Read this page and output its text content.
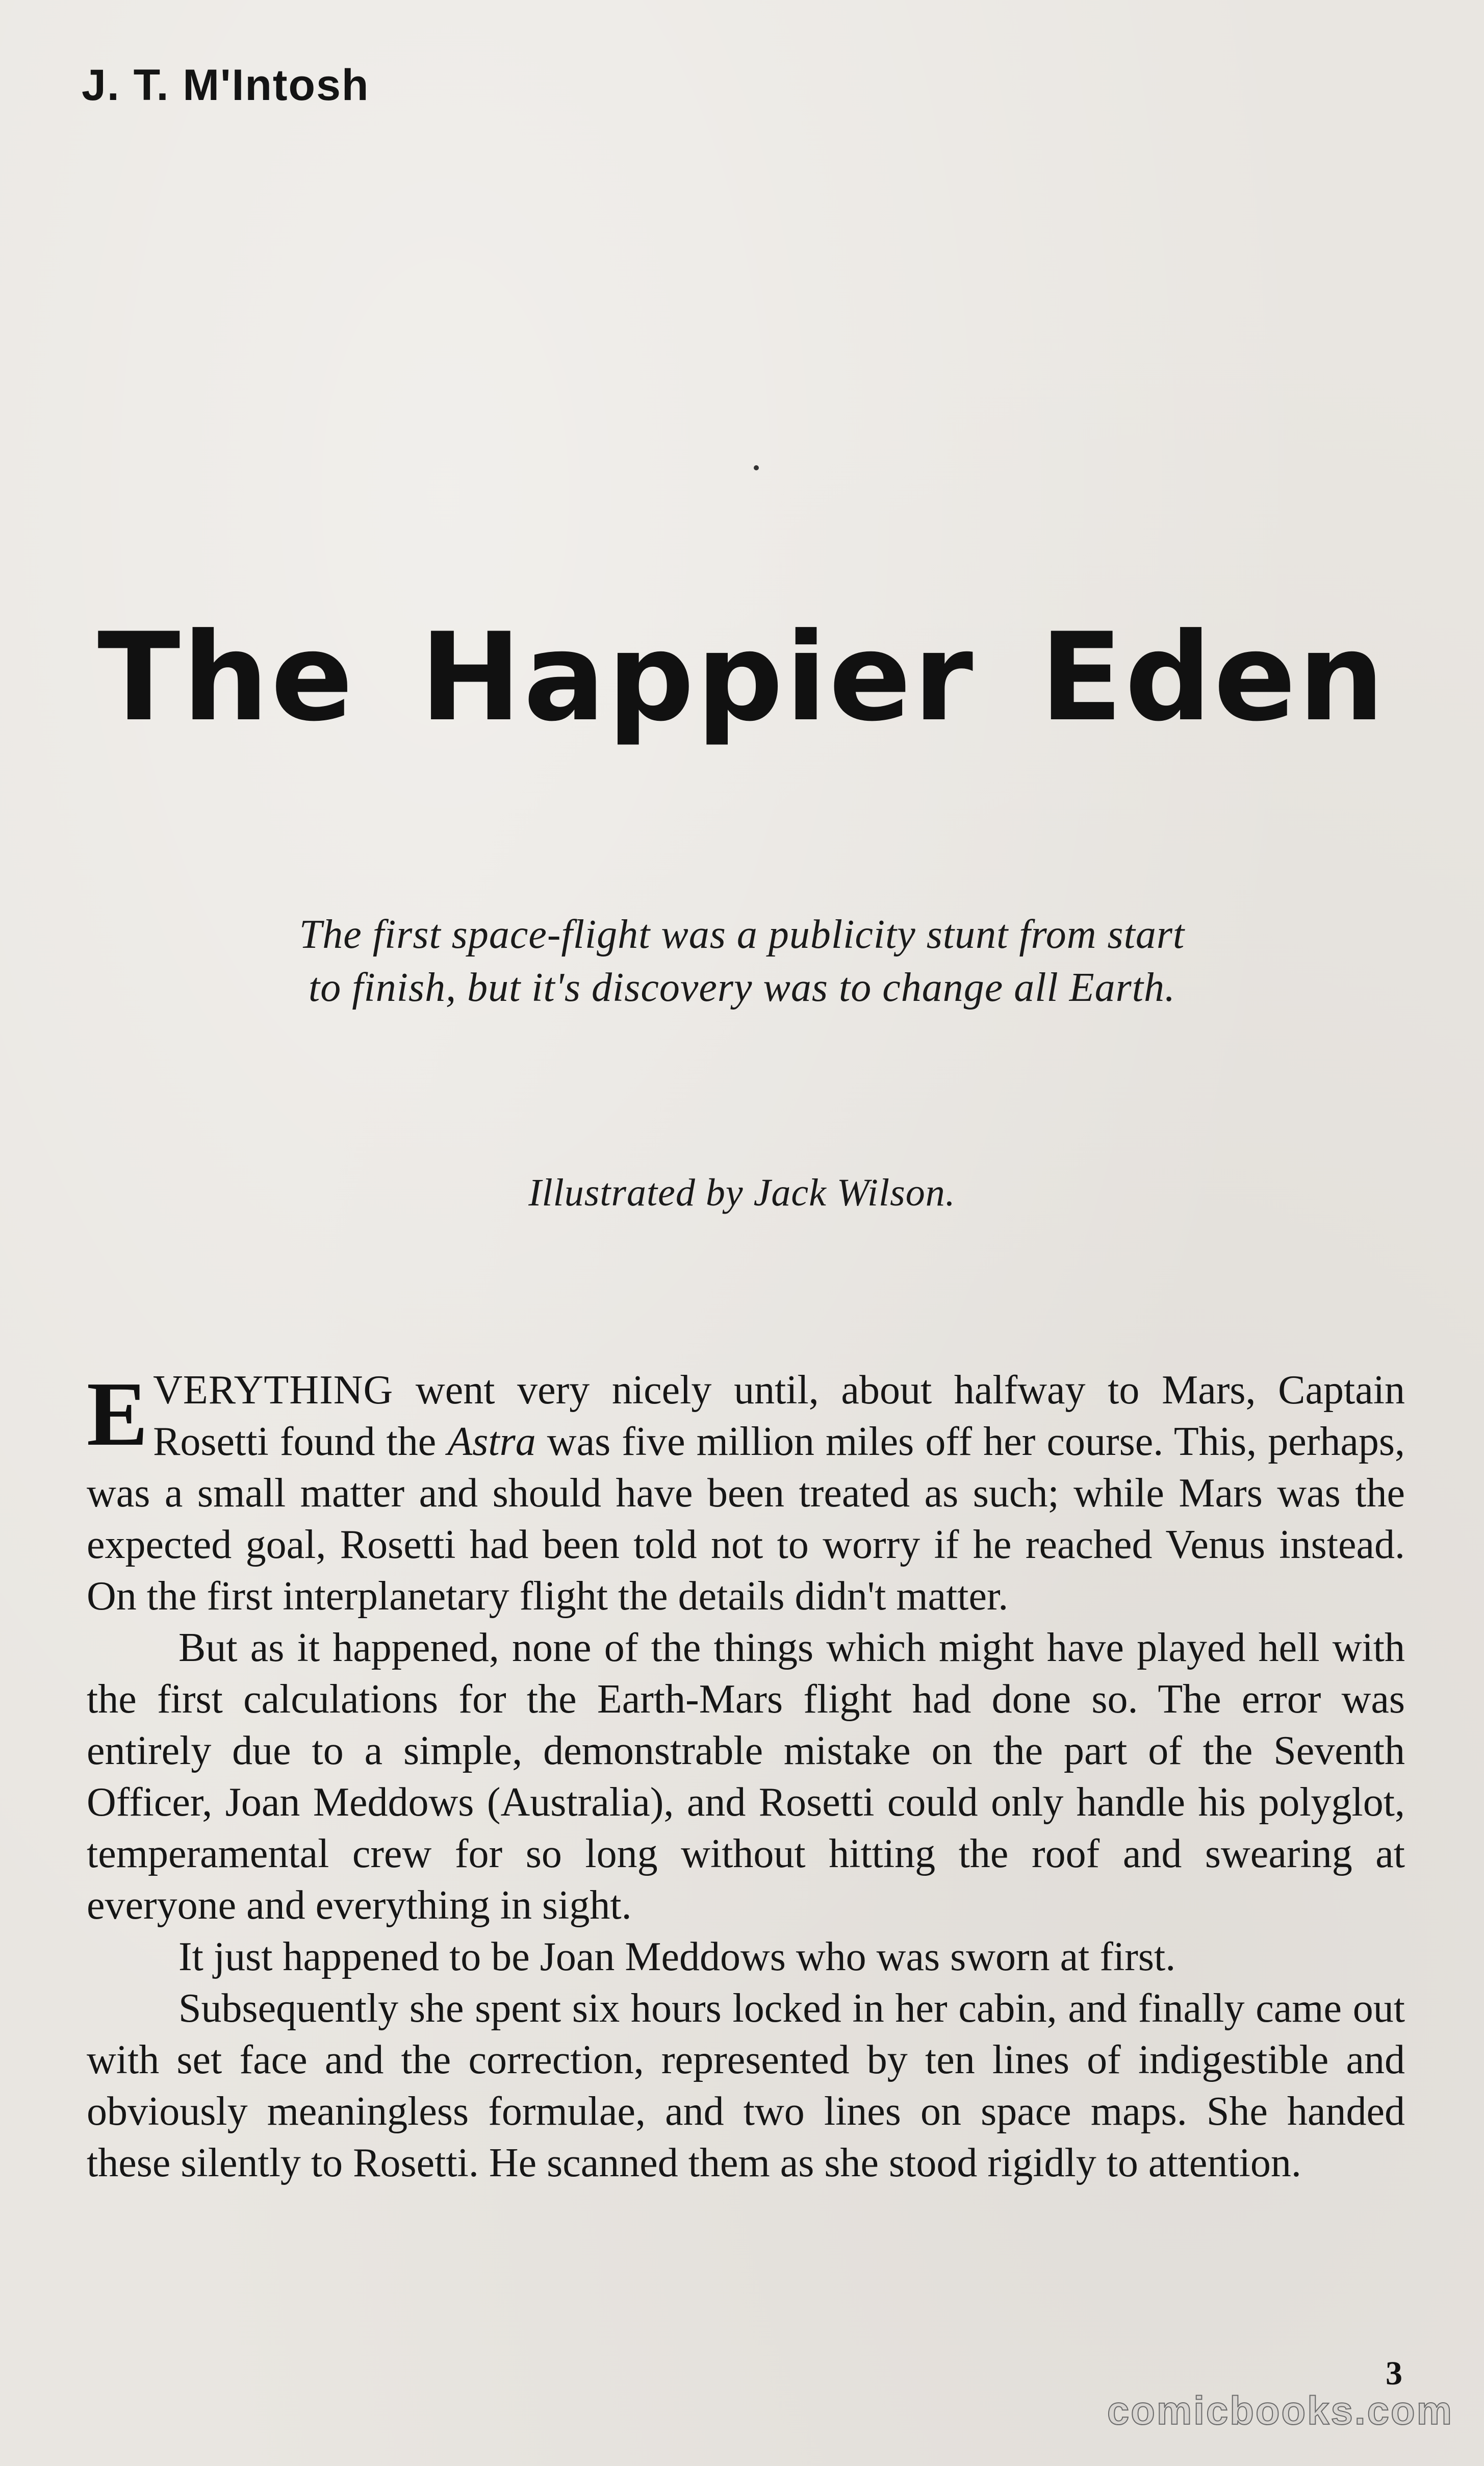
J. T. M'Intosh
The Happier Eden
The first space-flight was a publicity stunt from start
to finish, but it's discovery was to change all Earth.

Illustrated by Jack Wilson.

EVERYTHING went very nicely until, about halfway to Mars, Captain Rosetti found the Astra was five million miles off her course. This, perhaps, was a small matter and should have been treated as such; while Mars was the expected goal, Rosetti had been told not to worry if he reached Venus instead. On the first interplanetary flight the details didn't matter.

But as it happened, none of the things which might have played hell with the first calculations for the Earth-Mars flight had done so. The error was entirely due to a simple, demonstrable mistake on the part of the Seventh Officer, Joan Meddows (Australia), and Rosetti could only handle his polyglot, temperamental crew for so long without hitting the roof and swearing at everyone and everything in sight.

It just happened to be Joan Meddows who was sworn at first.

Subsequently she spent six hours locked in her cabin, and finally came out with set face and the correction, represented by ten lines of indigestible and obviously meaningless formulae, and two lines on space maps. She handed these silently to Rosetti. He scanned them as she stood rigidly to attention.

3

comicbooks.com
